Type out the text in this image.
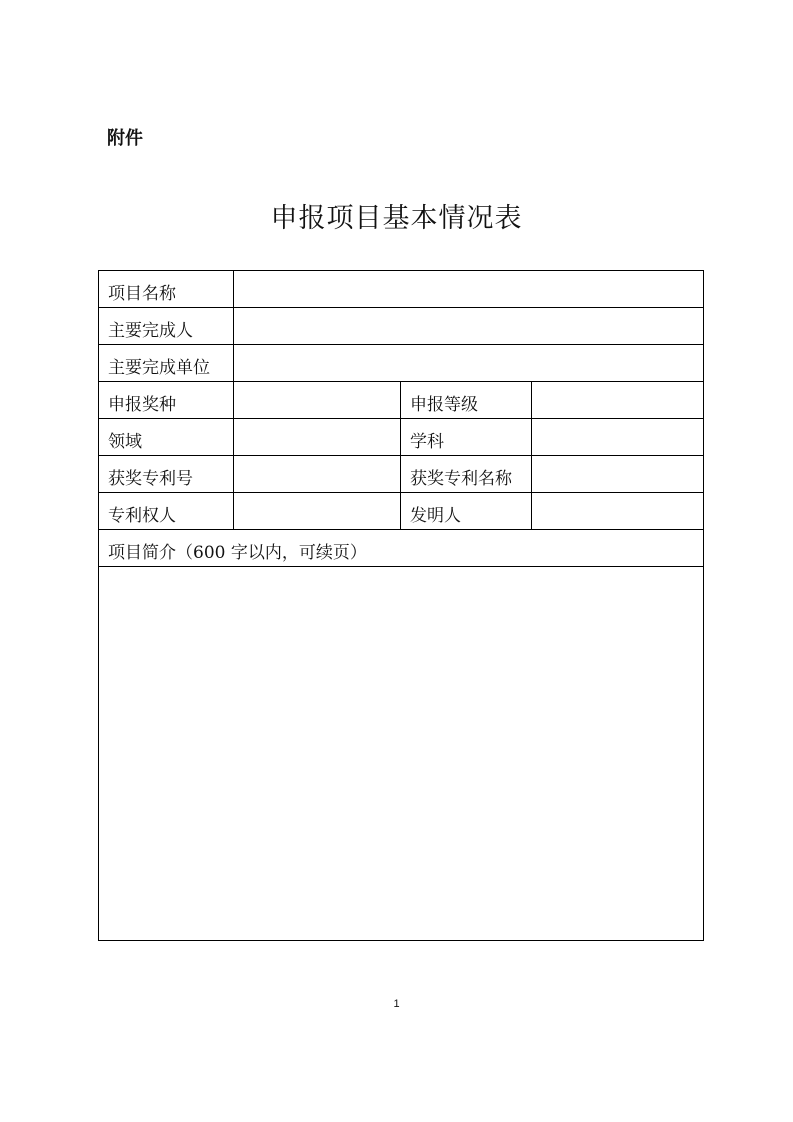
附件
申报项目基本情况表
项目名称			
主要完成人			
主要完成单位			
申报奖种		申报等级	
领域		学科	
获奖专利号		获奖专利名称	
专利权人		发明人	
项目简介（600 字以内，可续页）			

1
